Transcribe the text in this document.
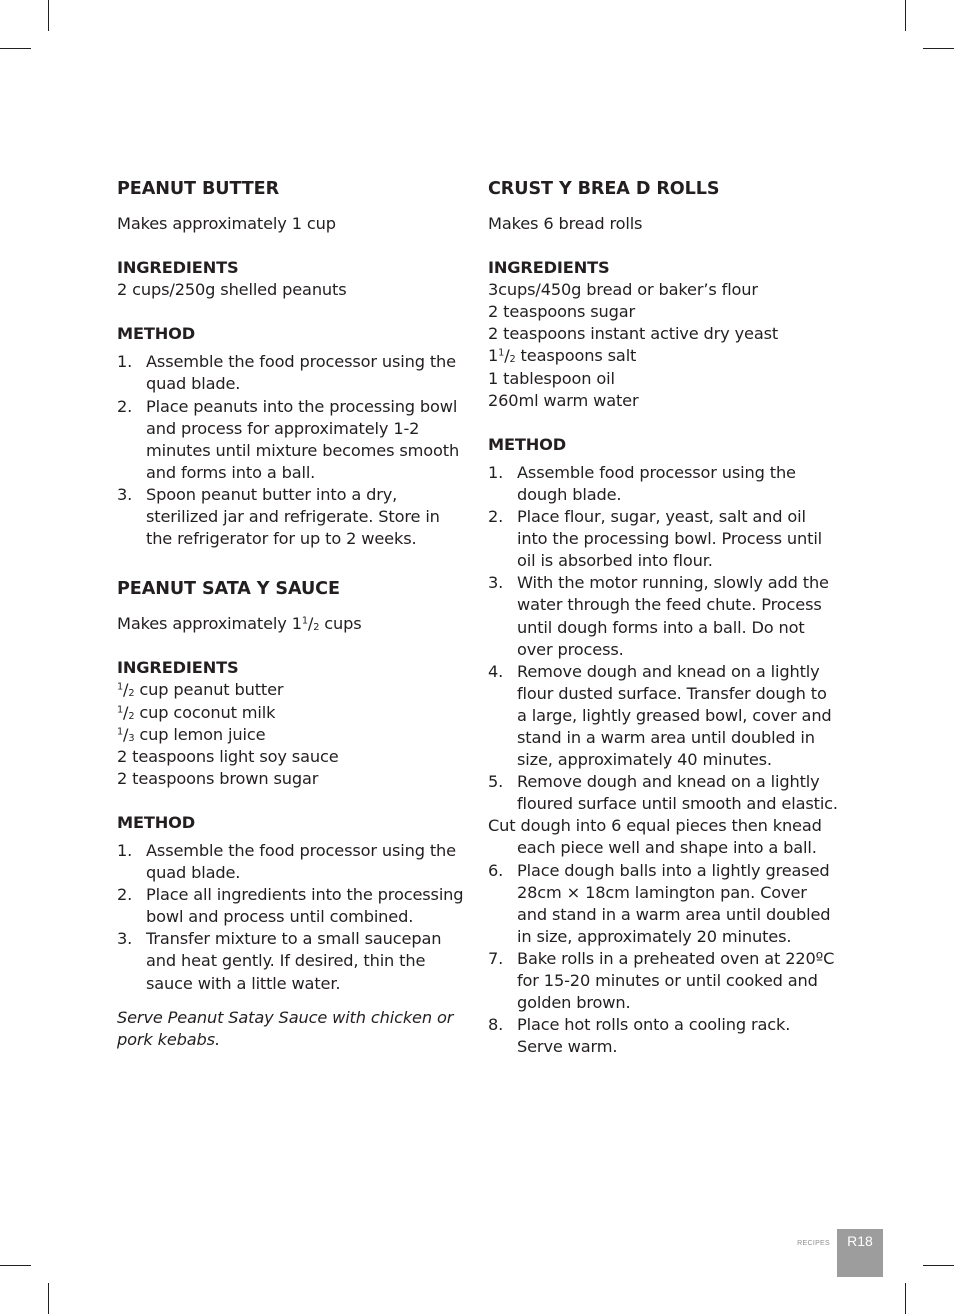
PEANUT BUTTER
Makes approximately 1 cup
INGREDIENTS
2 cups/250g shelled peanuts
METHOD
1. Assemble the food processor using the quad blade.
2. Place peanuts into the processing bowl and process for approximately 1-2 minutes until mixture becomes smooth and forms into a ball.
3. Spoon peanut butter into a dry, sterilized jar and refrigerate. Store in the refrigerator for up to 2 weeks.
PEANUT SATA Y SAUCE
Makes approximately $1^1/2$ cups
INGREDIENTS
$^1$/2 cup peanut butter
$^1$/2 cup coconut milk
$^1$/3 cup lemon juice
2 teaspoons light soy sauce
2 teaspoons brown sugar
METHOD
1. Assemble the food processor using the quad blade.
2. Place all ingredients into the processing bowl and process until combined.
3. Transfer mixture to a small saucepan and heat gently. If desired, thin the sauce with a little water.
Serve Peanut Satay Sauce with chicken or pork kebabs.
CRUST Y BREA D ROLLS
Makes 6 bread rolls
INGREDIENTS
3cups/450g bread or baker’s flour
2 teaspoons sugar
2 teaspoons instant active dry yeast
$1^1/2$ teaspoons salt
1 tablespoon oil
260ml warm water
METHOD
1. Assemble food processor using the dough blade.
2. Place flour, sugar, yeast, salt and oil into the processing bowl. Process until oil is absorbed into flour.
3. With the motor running, slowly add the water through the feed chute. Process until dough forms into a ball. Do not over process.
4. Remove dough and knead on a lightly flour dusted surface. Transfer dough to a large, lightly greased bowl, cover and stand in a warm area until doubled in size, approximately 40 minutes.
5. Remove dough and knead on a lightly floured surface until smooth and elastic.
Cut dough into 6 equal pieces then knead each piece well and shape into a ball.
6. Place dough balls into a lightly greased 28cm × 18cm lamington pan. Cover and stand in a warm area until doubled in size, approximately 20 minutes.
7. Bake rolls in a preheated oven at 220ºC for 15-20 minutes or until cooked and golden brown.
8. Place hot rolls onto a cooling rack. Serve warm.
RECIPES	R18
